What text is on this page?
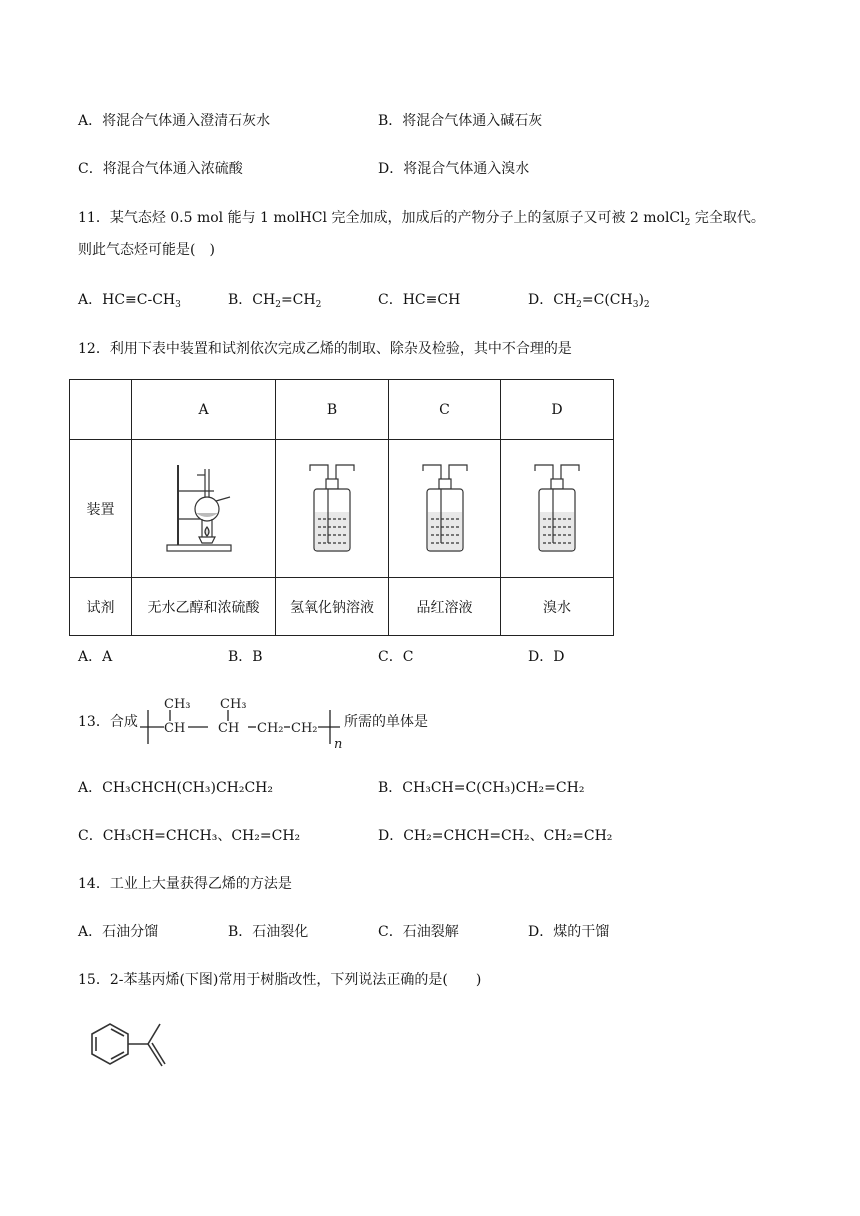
A．将混合气体通入澄清石灰水	B．将混合气体通入碱石灰
C．将混合气体通入浓硫酸	D．将混合气体通入溴水
11．某气态烃 0.5 mol 能与 1 molHCl 完全加成，加成后的产物分子上的氢原子又可被 2 molCl$_2$ 完全取代。
则此气态烃可能是(　)
A．$HC\equiv C-CH_3$	B．$CH_2=CH_2$	C．HC≡CH	D．$CH_2=C(CH_3)_2$
12．利用下表中装置和试剂依次完成乙烯的制取、除杂及检验，其中不合理的是
	A	B	C	D
装置				
试剂	无水乙醇和浓硫酸	氢氧化钠溶液	品红溶液	溴水
A．A	B．B	C．C	D．D
13．合成
CH₃ CH₃
CH	CH CH₂ CH₂
n
所需的单体是
A．CH₃CHCH(CH₃)CH₂CH₂	B．CH₃CH=C(CH₃)CH₂=CH₂
C．CH₃CH=CHCH₃、CH₂=CH₂	D．CH₂=CHCH=CH₂、CH₂=CH₂
14．工业上大量获得乙烯的方法是
A．石油分馏	B．石油裂化	C．石油裂解	D．煤的干馏
15．2-苯基丙烯(下图)常用于树脂改性，下列说法正确的是(　　)
